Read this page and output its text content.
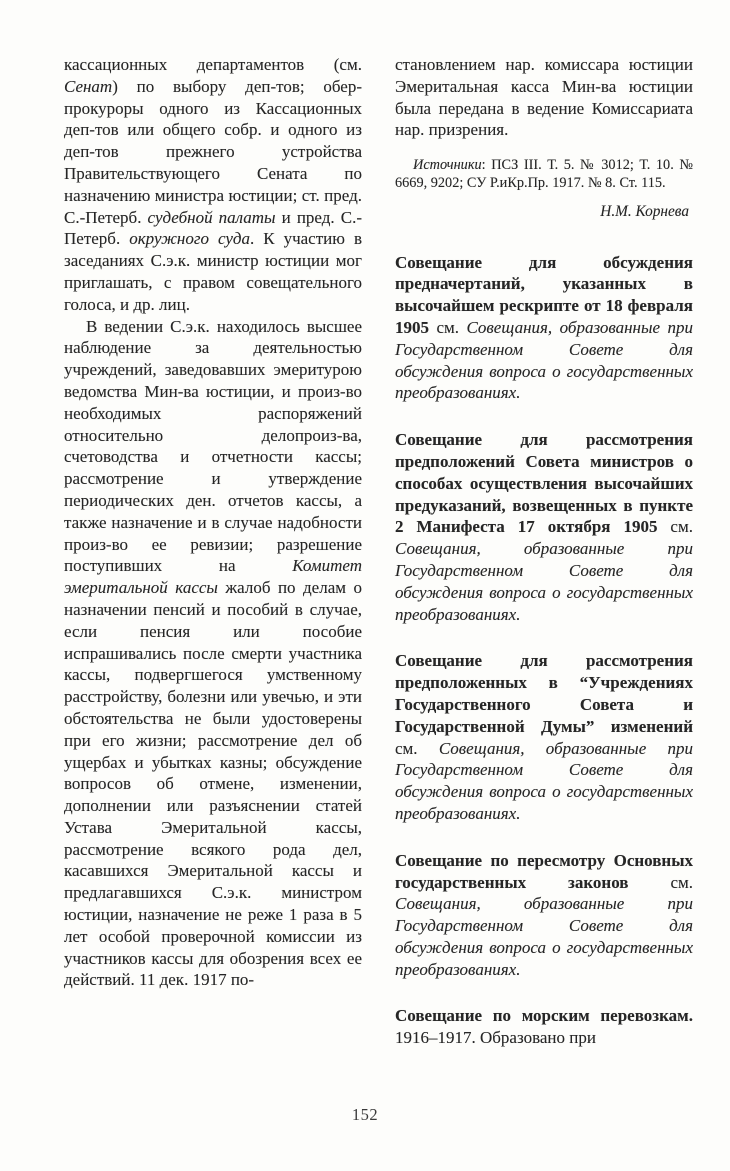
кассационных департаментов (см. Сенат) по выбору деп-тов; обер-прокуроры одного из Кассационных деп-тов или общего собр. и одного из деп-тов прежнего устройства Правительствующего Сената по назначению министра юстиции; ст. пред. С.-Петерб. судебной палаты и пред. С.-Петерб. окружного суда. К участию в заседаниях С.э.к. министр юстиции мог приглашать, с правом совещательного голоса, и др. лиц.
В ведении С.э.к. находилось высшее наблюдение за деятельностью учреждений, заведовавших эмеритурою ведомства Мин-ва юстиции, и произ-во необходимых распоряжений относительно делопроиз-ва, счетоводства и отчетности кассы; рассмотрение и утверждение периодических ден. отчетов кассы, а также назначение и в случае надобности произ-во ее ревизии; разрешение поступивших на Комитет эмеритальной кассы жалоб по делам о назначении пенсий и пособий в случае, если пенсия или пособие испрашивались после смерти участника кассы, подвергшегося умственному расстройству, болезни или увечью, и эти обстоятельства не были удостоверены при его жизни; рассмотрение дел об ущербах и убытках казны; обсуждение вопросов об отмене, изменении, дополнении или разъяснении статей Устава Эмеритальной кассы, рассмотрение всякого рода дел, касавшихся Эмеритальной кассы и предлагавшихся С.э.к. министром юстиции, назначение не реже 1 раза в 5 лет особой проверочной комиссии из участников кассы для обозрения всех ее действий. 11 дек. 1917 по-
становлением нар. комиссара юстиции Эмеритальная касса Мин-ва юстиции была передана в ведение Комиссариата нар. призрения.
Источники: ПСЗ III. Т. 5. № 3012; Т. 10. № 6669, 9202; СУ Р.иКр.Пр. 1917. № 8. Ст. 115.
Н.М. Корнева
Совещание для обсуждения предначертаний, указанных в высочайшем рескрипте от 18 февраля 1905 см. Совещания, образованные при Государственном Совете для обсуждения вопроса о государственных преобразованиях.
Совещание для рассмотрения предположений Совета министров о способах осуществления высочайших предуказаний, возвещенных в пункте 2 Манифеста 17 октября 1905 см. Совещания, образованные при Государственном Совете для обсуждения вопроса о государственных преобразованиях.
Совещание для рассмотрения предположенных в “Учреждениях Государственного Совета и Государственной Думы” изменений см. Совещания, образованные при Государственном Совете для обсуждения вопроса о государственных преобразованиях.
Совещание по пересмотру Основных государственных законов см. Совещания, образованные при Государственном Совете для обсуждения вопроса о государственных преобразованиях.
Совещание по морским перевозкам. 1916–1917. Образовано при
152
